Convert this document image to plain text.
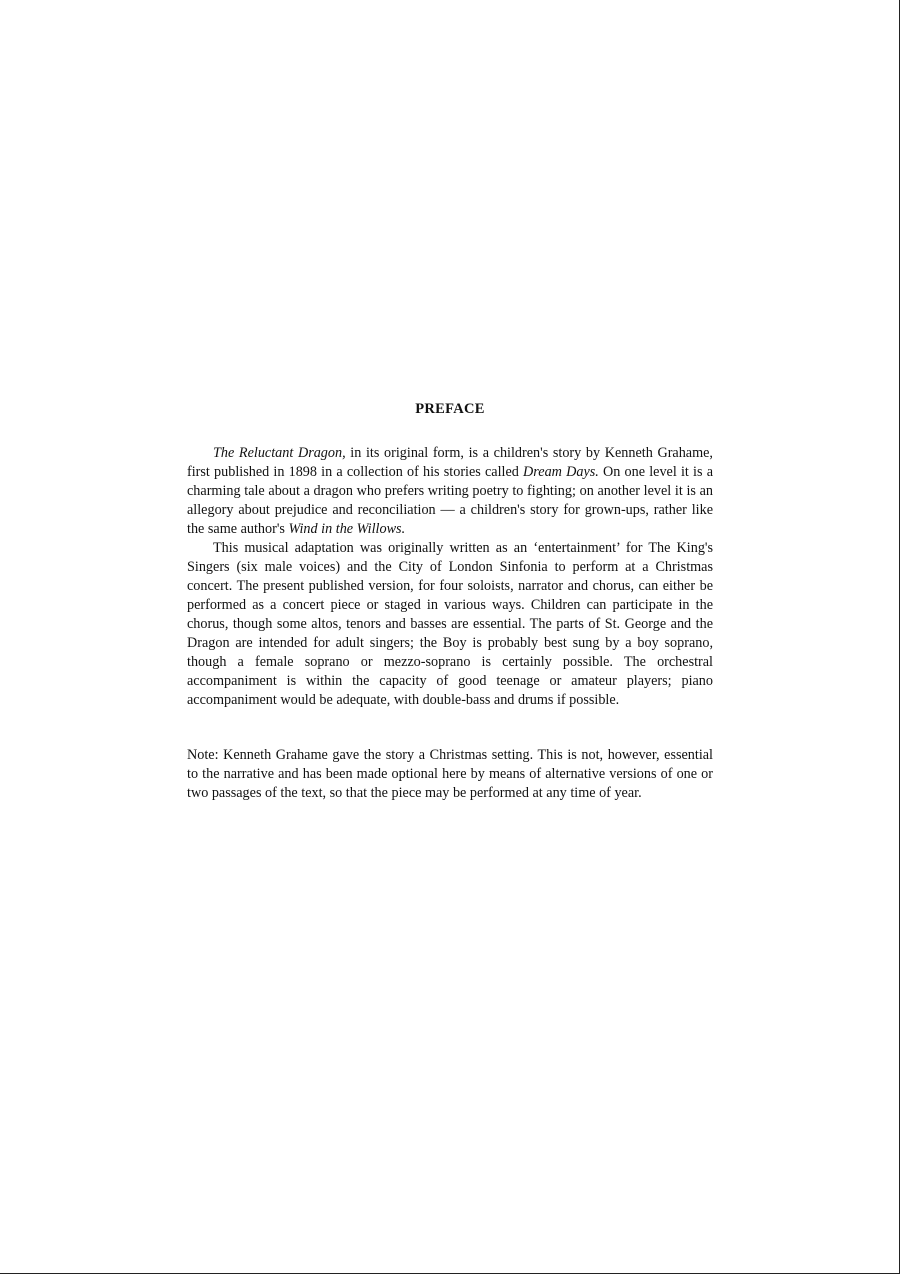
PREFACE

The Reluctant Dragon, in its original form, is a children's story by Kenneth Grahame, first published in 1898 in a collection of his stories called Dream Days. On one level it is a charming tale about a dragon who prefers writing poetry to fighting; on another level it is an allegory about prejudice and reconciliation — a children's story for grown-ups, rather like the same author's Wind in the Willows.

This musical adaptation was originally written as an ‘entertainment’ for The King's Singers (six male voices) and the City of London Sinfonia to perform at a Christmas concert. The present published version, for four soloists, narrator and chorus, can either be performed as a concert piece or staged in various ways. Children can participate in the chorus, though some altos, tenors and basses are essential. The parts of St. George and the Dragon are intended for adult singers; the Boy is probably best sung by a boy soprano, though a female soprano or mezzo-soprano is certainly possible. The orchestral accompaniment is within the capacity of good teenage or amateur players; piano accompaniment would be adequate, with double-bass and drums if possible.

Note: Kenneth Grahame gave the story a Christmas setting. This is not, however, essential to the narrative and has been made optional here by means of alternative versions of one or two passages of the text, so that the piece may be performed at any time of year.
